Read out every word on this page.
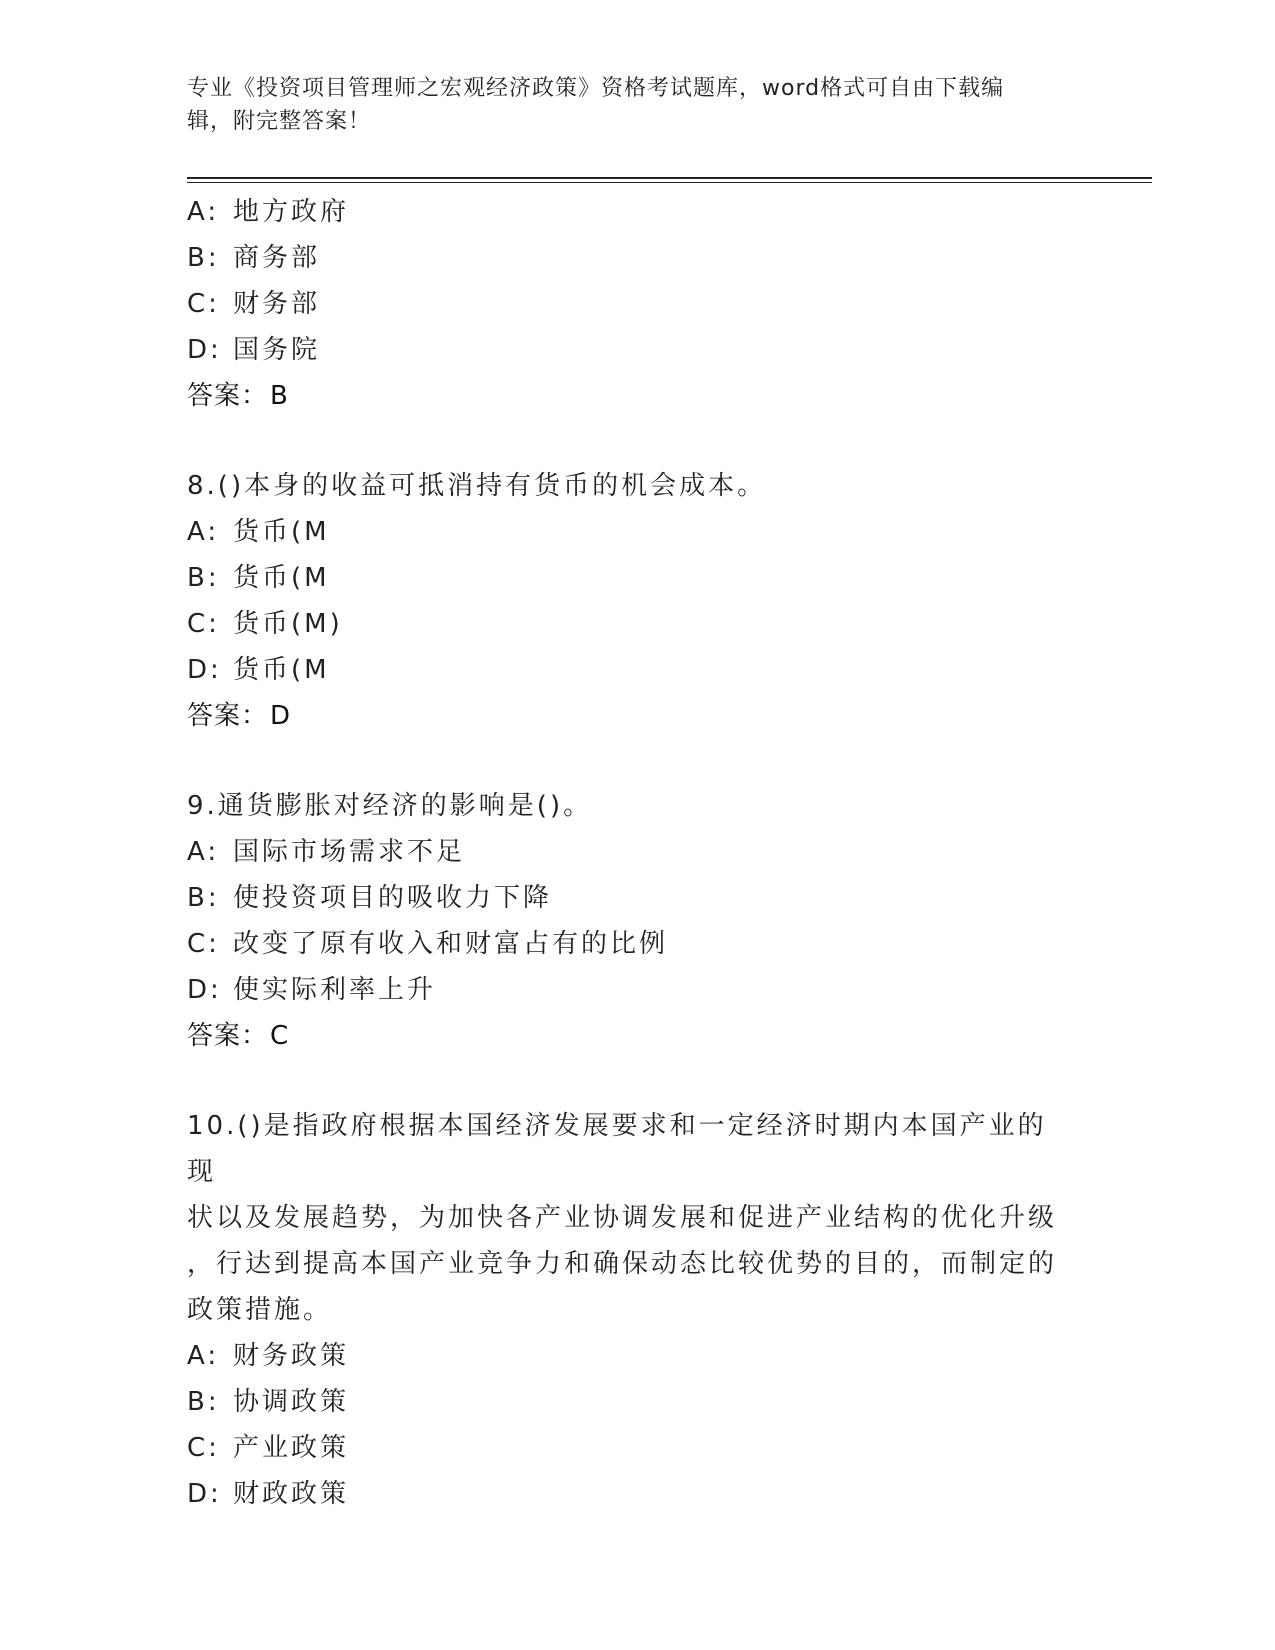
专业《投资项目管理师之宏观经济政策》资格考试题库，word格式可自由下载编
辑，附完整答案！
A: 地方政府
B: 商务部
C: 财务部
D: 国务院
答案：B
8.()本身的收益可抵消持有货币的机会成本。
A: 货币(M
B: 货币(M
C: 货币(M)
D: 货币(M
答案：D
9.通货膨胀对经济的影响是()。
A: 国际市场需求不足
B: 使投资项目的吸收力下降
C: 改变了原有收入和财富占有的比例
D: 使实际利率上升
答案：C
10.()是指政府根据本国经济发展要求和一定经济时期内本国产业的现
状以及发展趋势，为加快各产业协调发展和促进产业结构的优化升级
，行达到提高本国产业竞争力和确保动态比较优势的目的，而制定的
政策措施。
A: 财务政策
B: 协调政策
C: 产业政策
D: 财政政策
